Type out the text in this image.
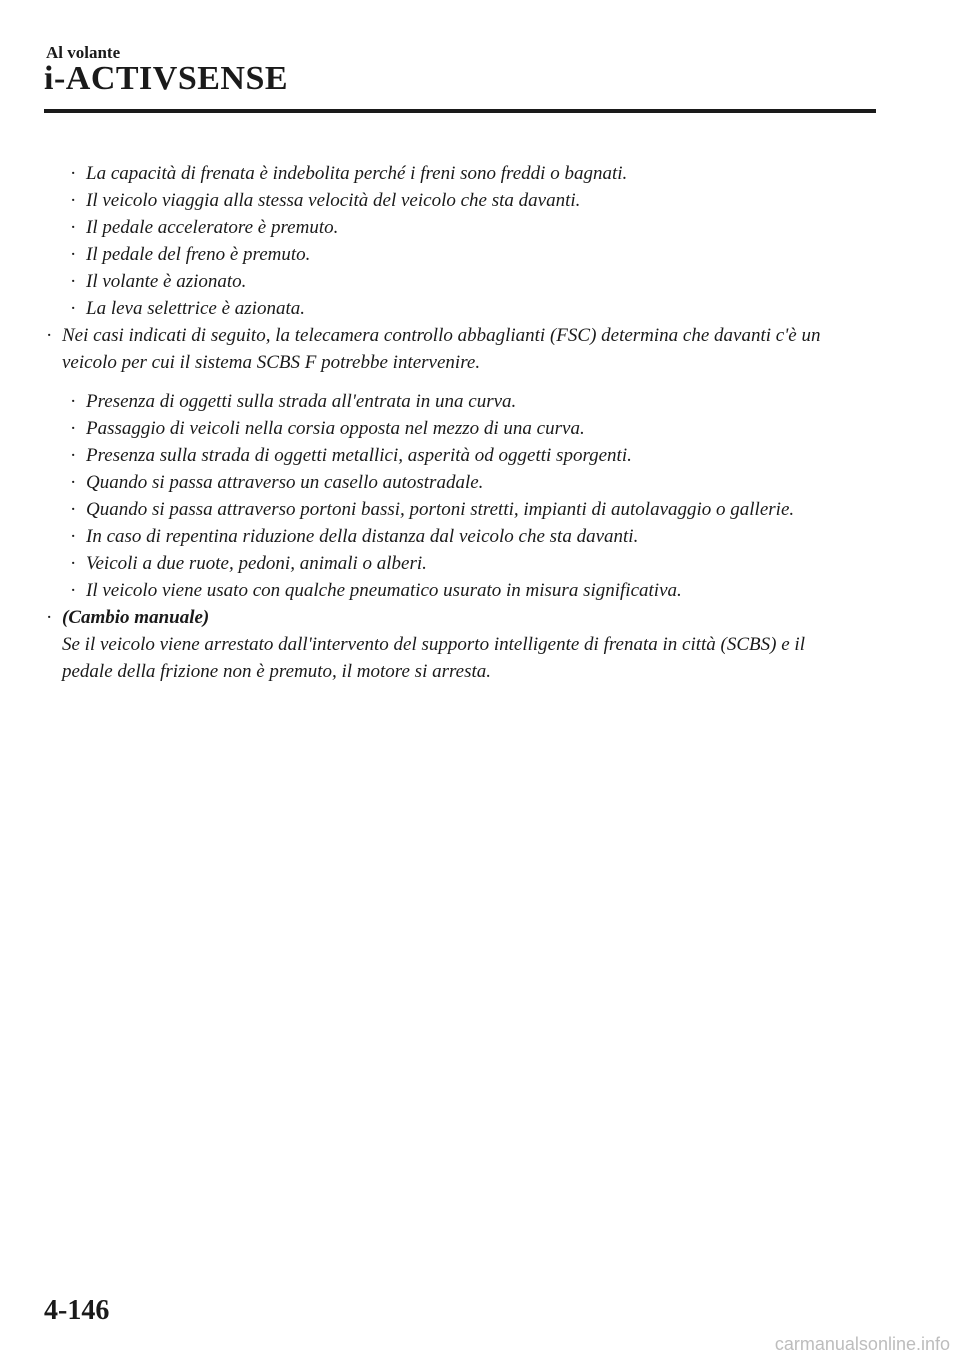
Al volante
i-ACTIVSENSE
· La capacità di frenata è indebolita perché i freni sono freddi o bagnati.
· Il veicolo viaggia alla stessa velocità del veicolo che sta davanti.
· Il pedale acceleratore è premuto.
· Il pedale del freno è premuto.
· Il volante è azionato.
· La leva selettrice è azionata.
· Nei casi indicati di seguito, la telecamera controllo abbaglianti (FSC) determina che davanti c'è un veicolo per cui il sistema SCBS F potrebbe intervenire.
· Presenza di oggetti sulla strada all'entrata in una curva.
· Passaggio di veicoli nella corsia opposta nel mezzo di una curva.
· Presenza sulla strada di oggetti metallici, asperità od oggetti sporgenti.
· Quando si passa attraverso un casello autostradale.
· Quando si passa attraverso portoni bassi, portoni stretti, impianti di autolavaggio o gallerie.
· In caso di repentina riduzione della distanza dal veicolo che sta davanti.
· Veicoli a due ruote, pedoni, animali o alberi.
· Il veicolo viene usato con qualche pneumatico usurato in misura significativa.
· (Cambio manuale)
Se il veicolo viene arrestato dall'intervento del supporto intelligente di frenata in città (SCBS) e il pedale della frizione non è premuto, il motore si arresta.
4-146
carmanualsonline.info
